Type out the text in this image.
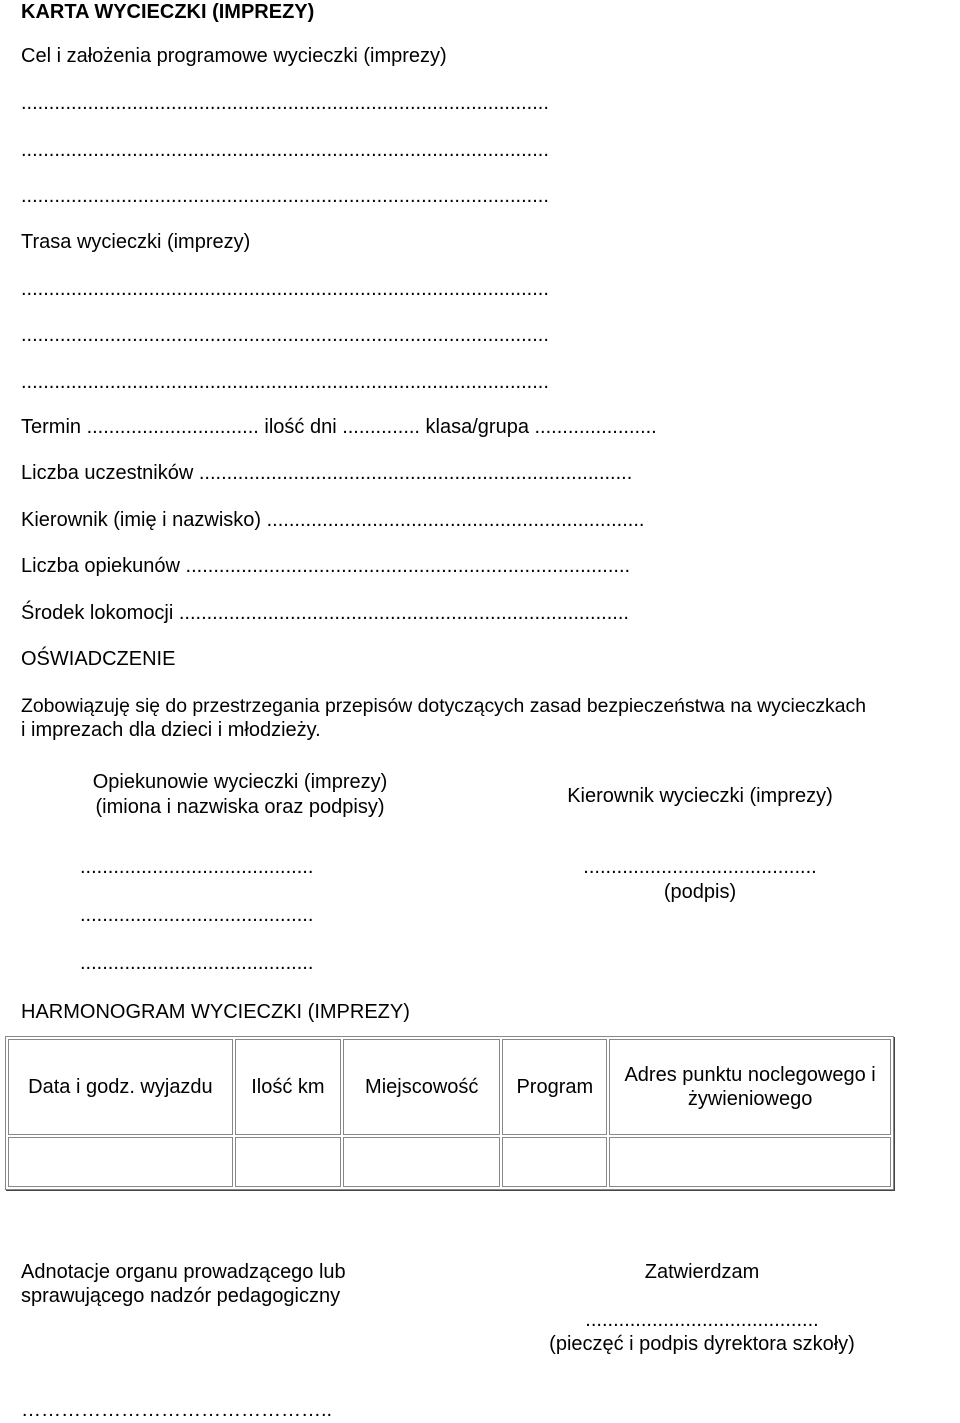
KARTA WYCIECZKI (IMPREZY)
Cel i założenia programowe wycieczki (imprezy)
...............................................................................................
...............................................................................................
...............................................................................................
Trasa wycieczki (imprezy)
...............................................................................................
...............................................................................................
...............................................................................................
Termin ............................... ilość dni .............. klasa/grupa ......................
Liczba uczestników ..............................................................................
Kierownik (imię i nazwisko) ....................................................................
Liczba opiekunów ................................................................................
Środek lokomocji .................................................................................
OŚWIADCZENIE
Zobowiązuję się do przestrzegania przepisów dotyczących zasad bezpieczeństwa na wycieczkach
i imprezach dla dzieci i młodzieży.
Opiekunowie wycieczki (imprezy)
(imiona i nazwiska oraz podpisy)	Kierownik wycieczki (imprezy)
..........................................
..........................................
..........................................
..........................................
(podpis)
HARMONOGRAM WYCIECZKI (IMPREZY)
Data i godz. wyjazdu	Ilość km	Miejscowość	Program	Adres punktu noclegowego i żywieniowego

Adnotacje organu prowadzącego lub
sprawującego nadzór pedagogiczny
Zatwierdzam
..........................................
(pieczęć i podpis dyrektora szkoły)
………………………………………..
